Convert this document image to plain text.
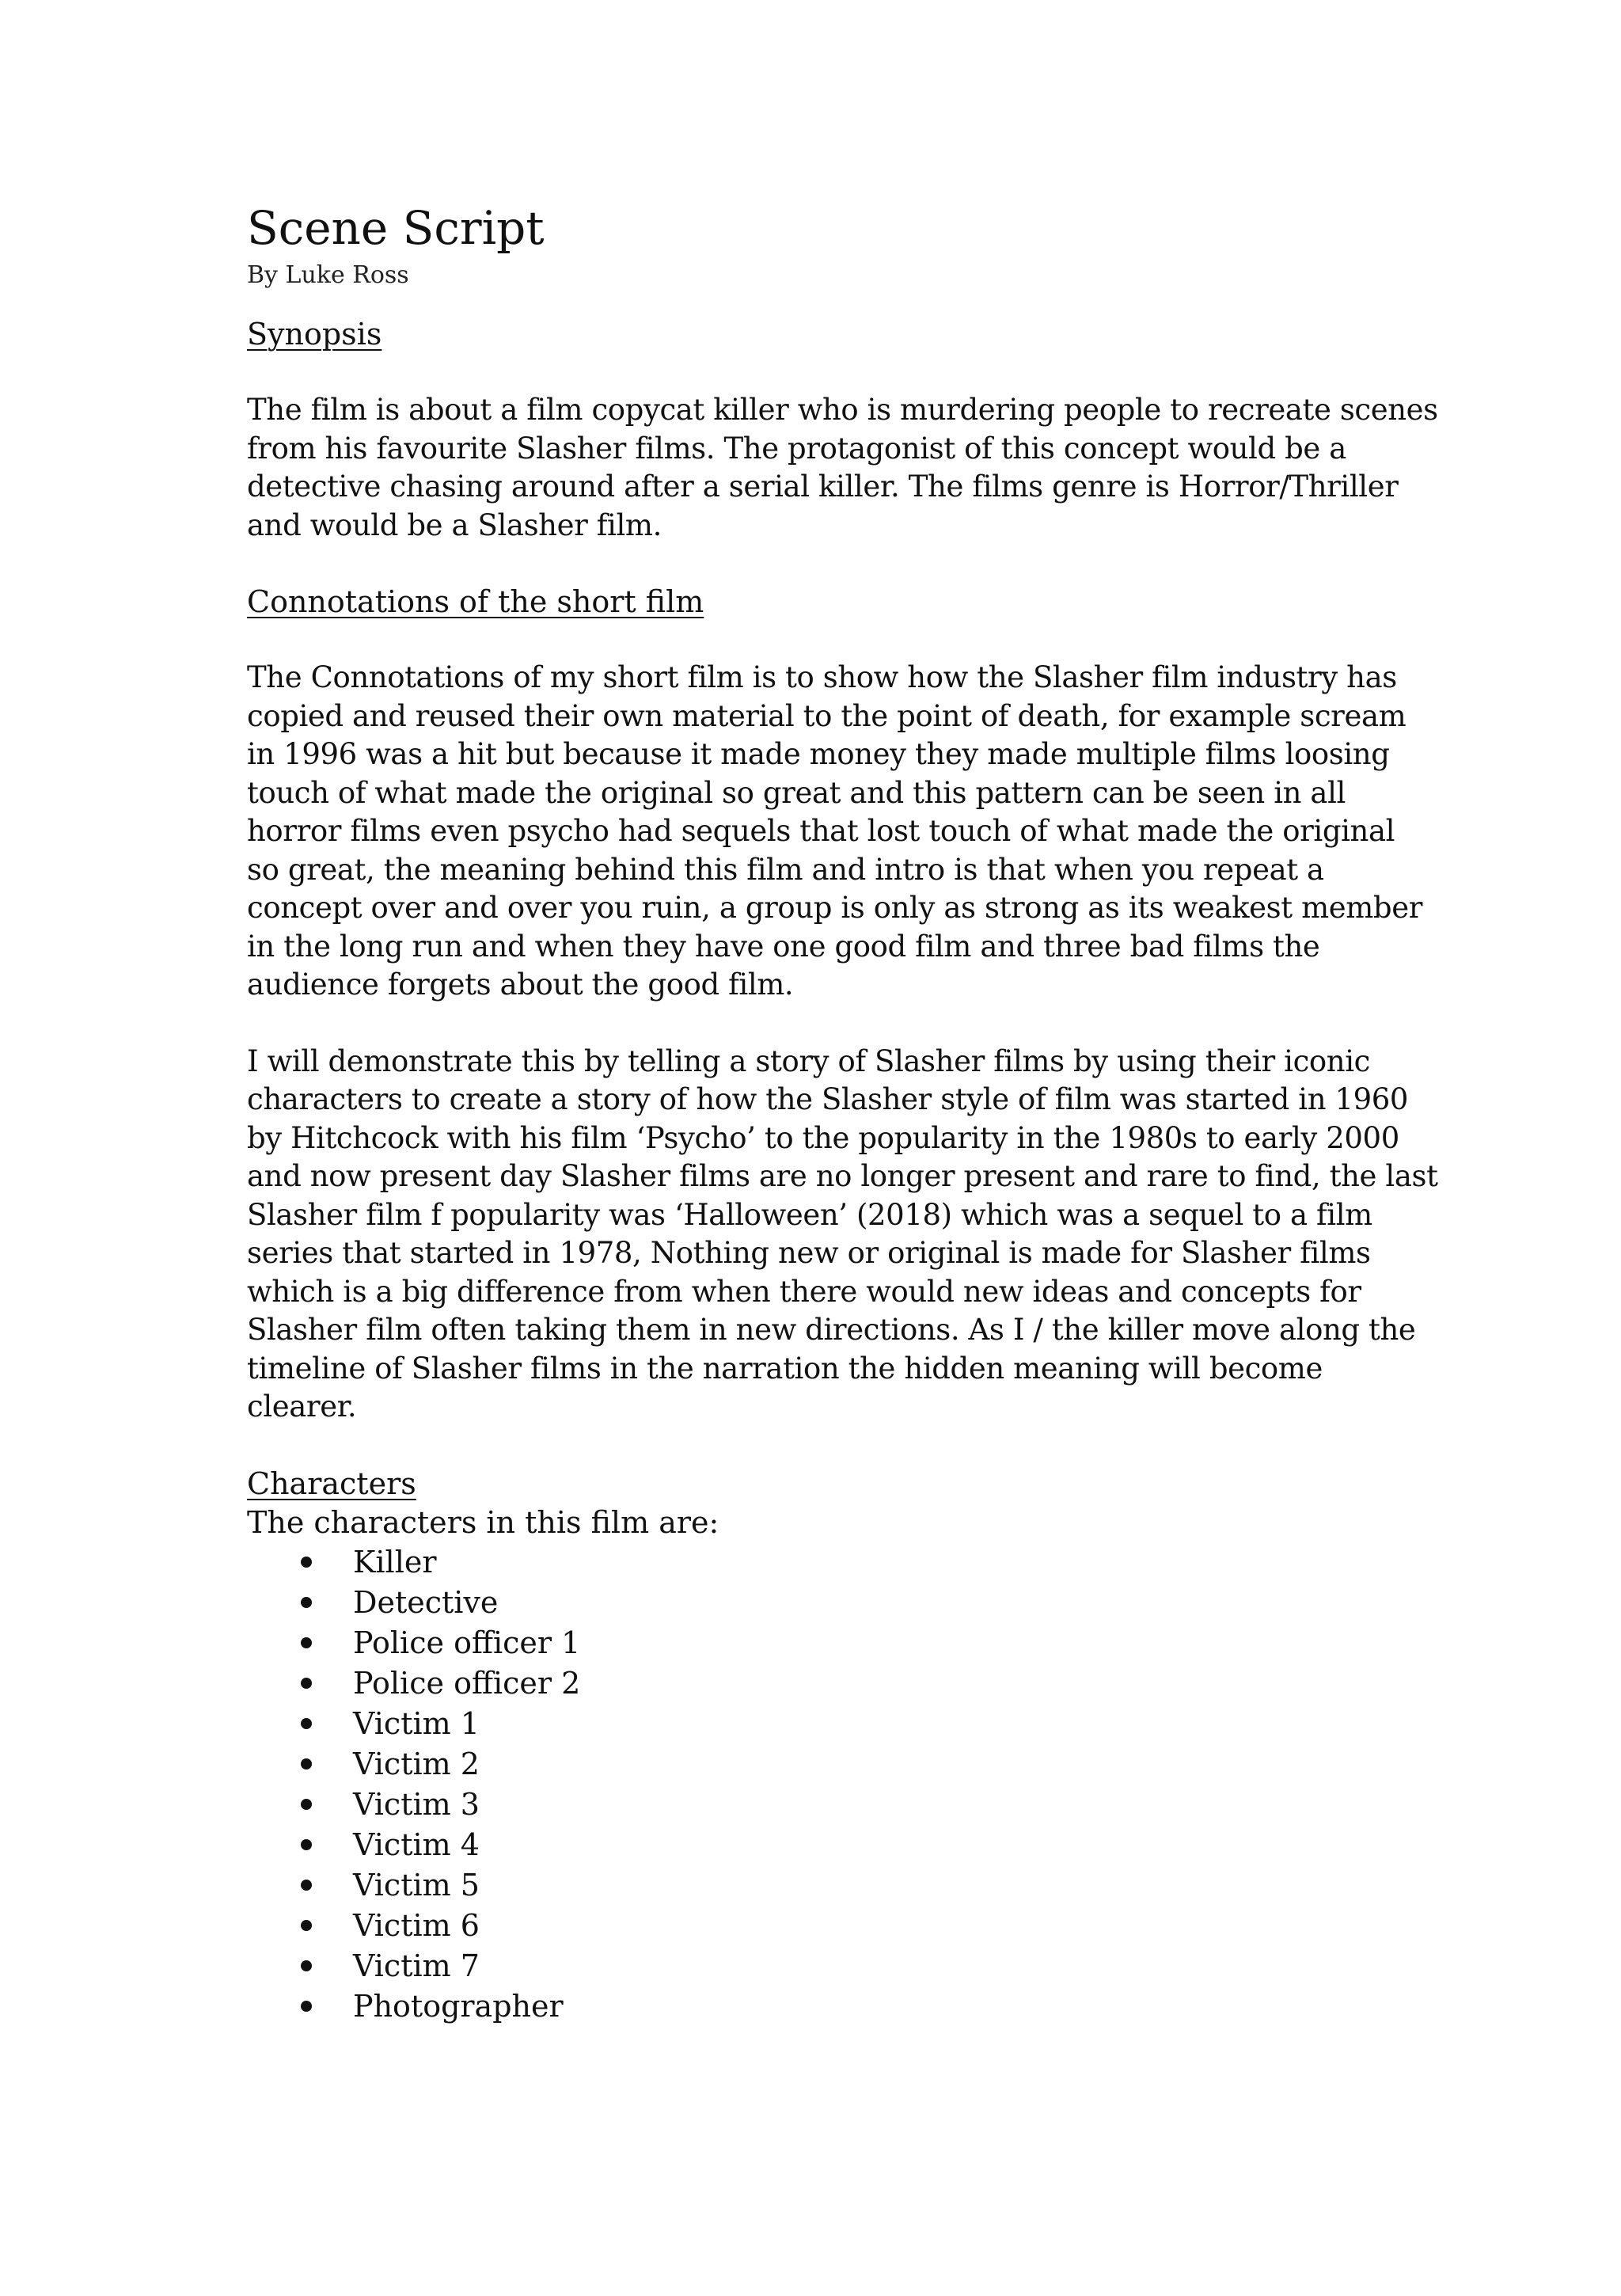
Scene Script

By Luke Ross

Synopsis

The film is about a film copycat killer who is murdering people to recreate scenes
from his favourite Slasher films. The protagonist of this concept would be a
detective chasing around after a serial killer. The films genre is Horror/Thriller
and would be a Slasher film.

Connotations of the short film

The Connotations of my short film is to show how the Slasher film industry has
copied and reused their own material to the point of death, for example scream
in 1996 was a hit but because it made money they made multiple films loosing
touch of what made the original so great and this pattern can be seen in all
horror films even psycho had sequels that lost touch of what made the original
so great, the meaning behind this film and intro is that when you repeat a
concept over and over you ruin, a group is only as strong as its weakest member
in the long run and when they have one good film and three bad films the
audience forgets about the good film.

I will demonstrate this by telling a story of Slasher films by using their iconic
characters to create a story of how the Slasher style of film was started in 1960
by Hitchcock with his film ‘Psycho’ to the popularity in the 1980s to early 2000
and now present day Slasher films are no longer present and rare to find, the last
Slasher film f popularity was ‘Halloween’ (2018) which was a sequel to a film
series that started in 1978, Nothing new or original is made for Slasher films
which is a big difference from when there would new ideas and concepts for
Slasher film often taking them in new directions. As I / the killer move along the
timeline of Slasher films in the narration the hidden meaning will become
clearer.

Characters

The characters in this film are:

Killer
Detective
Police officer 1
Police officer 2
Victim 1
Victim 2
Victim 3
Victim 4
Victim 5
Victim 6
Victim 7
Photographer
